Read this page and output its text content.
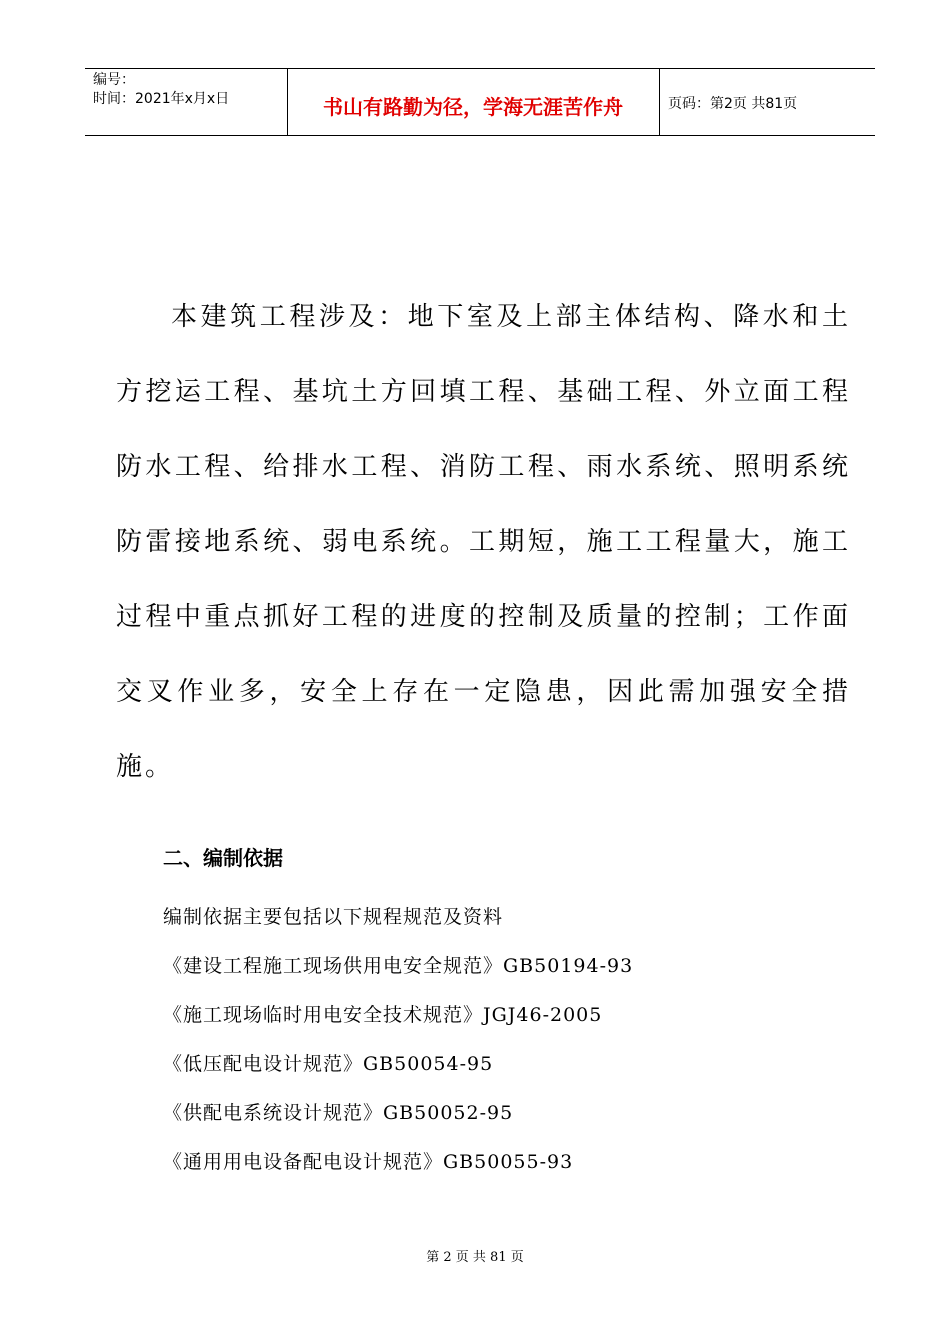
编号：
时间：2021年x月x日	书山有路勤为径，学海无涯苦作舟	页码：第2页 共81页

本建筑工程涉及：地下室及上部主体结构、降水和土方挖运工程、基坑土方回填工程、基础工程、外立面工程防水工程、给排水工程、消防工程、雨水系统、照明系统防雷接地系统、弱电系统。工期短，施工工程量大，施工过程中重点抓好工程的进度的控制及质量的控制；工作面交叉作业多，安全上存在一定隐患，因此需加强安全措施。

二、编制依据
编制依据主要包括以下规程规范及资料
《建设工程施工现场供用电安全规范》GB50194-93
《施工现场临时用电安全技术规范》JGJ46-2005
《低压配电设计规范》GB50054-95
《供配电系统设计规范》GB50052-95
《通用用电设备配电设计规范》GB50055-93
第 2 页 共 81 页
